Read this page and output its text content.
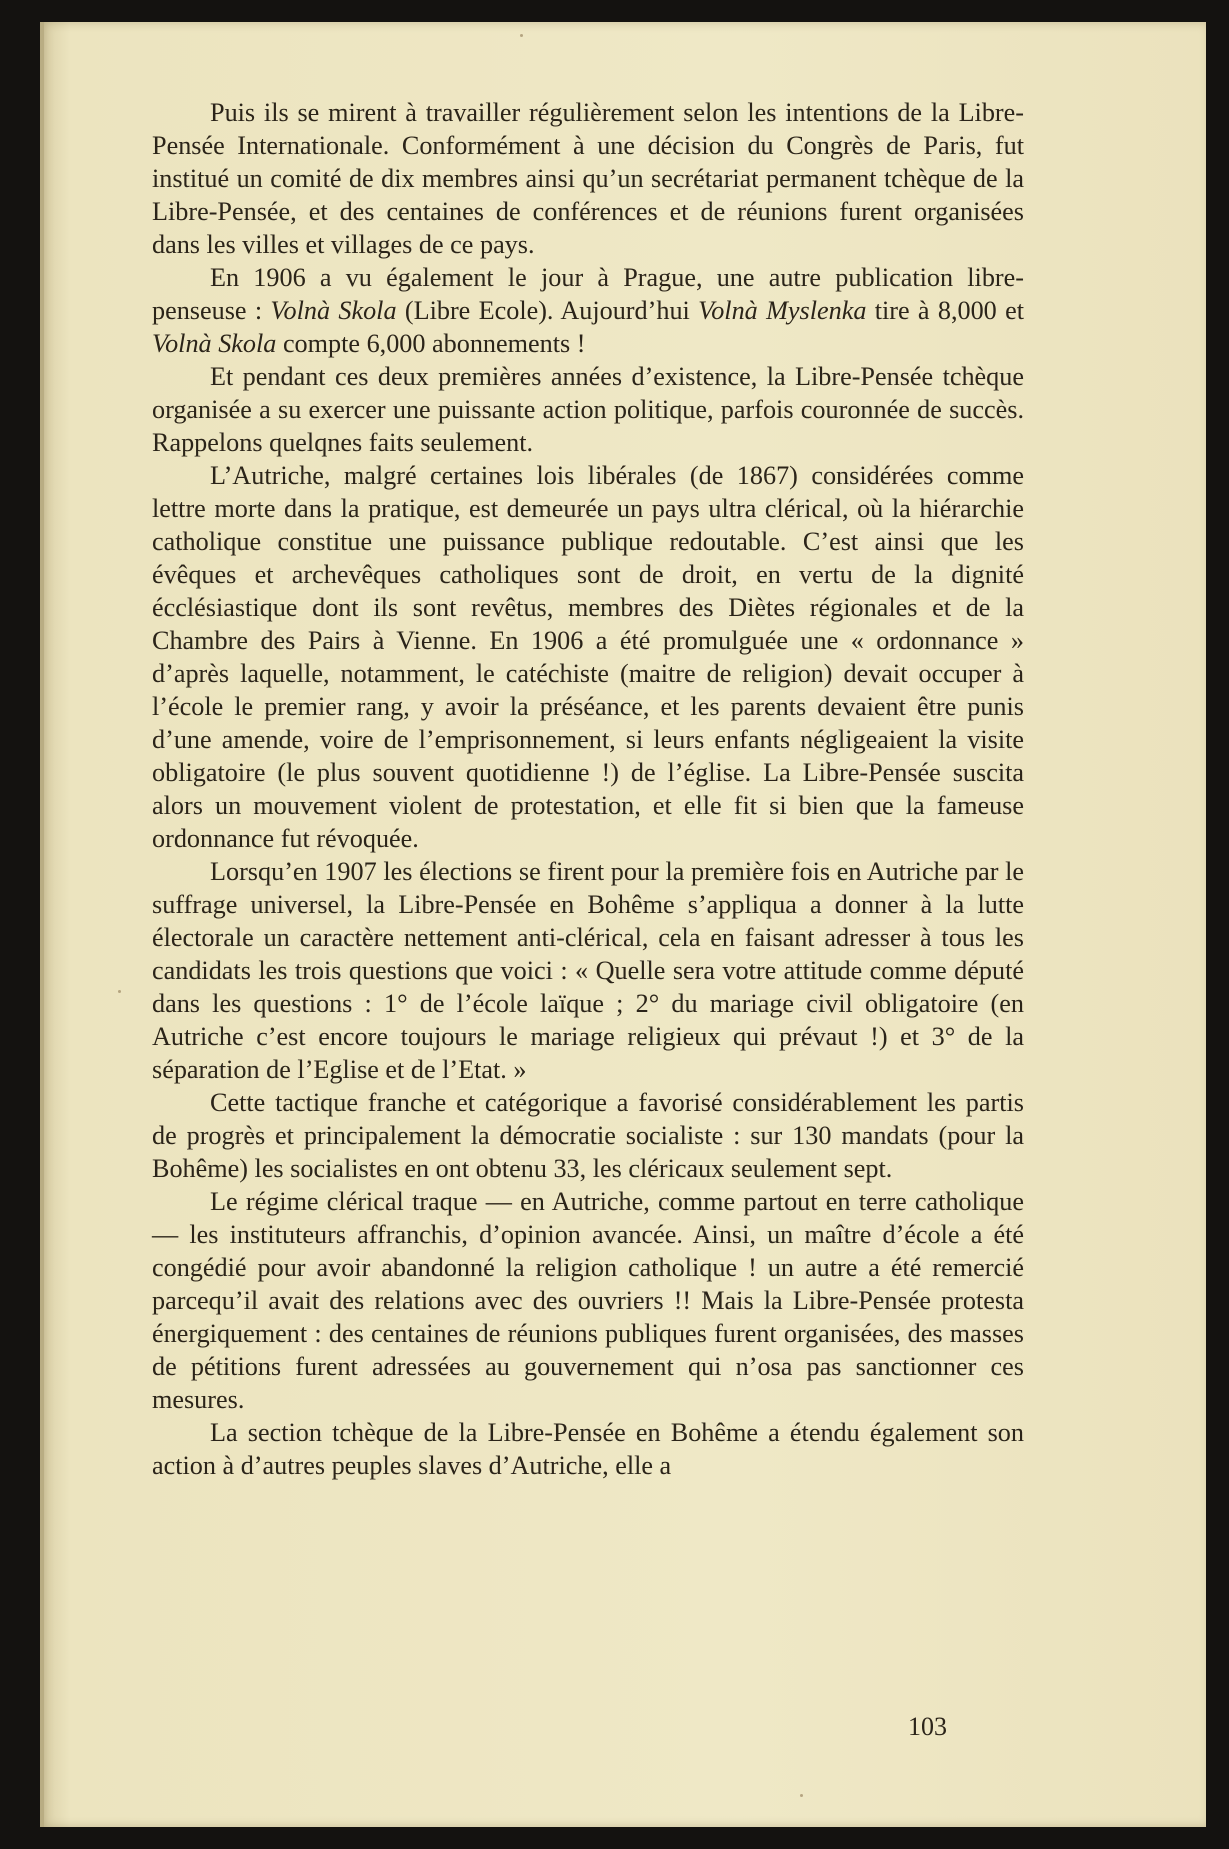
Puis ils se mirent à travailler régulièrement selon les intentions de la Libre-Pensée Internationale. Conformément à une décision du Congrès de Paris, fut institué un comité de dix membres ainsi qu’un secrétariat permanent tchèque de la Libre-Pensée, et des centaines de conférences et de réunions furent organisées dans les villes et villages de ce pays.

En 1906 a vu également le jour à Prague, une autre publication libre-penseuse : Volnà Skola (Libre Ecole). Aujourd’hui Volnà Myslenka tire à 8,000 et Volnà Skola compte 6,000 abonnements !

Et pendant ces deux premières années d’existence, la Libre-Pensée tchèque organisée a su exercer une puissante action politique, parfois couronnée de succès. Rappelons quelqnes faits seulement.

L’Autriche, malgré certaines lois libérales (de 1867) considérées comme lettre morte dans la pratique, est demeurée un pays ultra clérical, où la hiérarchie catholique constitue une puissance publique redoutable. C’est ainsi que les évêques et archevêques catholiques sont de droit, en vertu de la dignité écclésiastique dont ils sont revêtus, membres des Diètes régionales et de la Chambre des Pairs à Vienne. En 1906 a été promulguée une « ordonnance » d’après laquelle, notamment, le catéchiste (maitre de religion) devait occuper à l’école le premier rang, y avoir la préséance, et les parents devaient être punis d’une amende, voire de l’emprisonnement, si leurs enfants négligeaient la visite obligatoire (le plus souvent quotidienne !) de l’église. La Libre-Pensée suscita alors un mouvement violent de protestation, et elle fit si bien que la fameuse ordonnance fut révoquée.

Lorsqu’en 1907 les élections se firent pour la première fois en Autriche par le suffrage universel, la Libre-Pensée en Bohême s’appliqua a donner à la lutte électorale un caractère nettement anti-clérical, cela en faisant adresser à tous les candidats les trois questions que voici : « Quelle sera votre attitude comme député dans les questions : 1° de l’école laïque ; 2° du mariage civil obligatoire (en Autriche c’est encore toujours le mariage religieux qui prévaut !) et 3° de la séparation de l’Eglise et de l’Etat. »

Cette tactique franche et catégorique a favorisé considérablement les partis de progrès et principalement la démocratie socialiste : sur 130 mandats (pour la Bohême) les socialistes en ont obtenu 33, les cléricaux seulement sept.

Le régime clérical traque — en Autriche, comme partout en terre catholique — les instituteurs affranchis, d’opinion avancée. Ainsi, un maître d’école a été congédié pour avoir abandonné la religion catholique ! un autre a été remercié parcequ’il avait des relations avec des ouvriers !! Mais la Libre-Pensée protesta énergiquement : des centaines de réunions publiques furent organisées, des masses de pétitions furent adressées au gouvernement qui n’osa pas sanctionner ces mesures.

La section tchèque de la Libre-Pensée en Bohême a étendu également son action à d’autres peuples slaves d’Autriche, elle a

103
